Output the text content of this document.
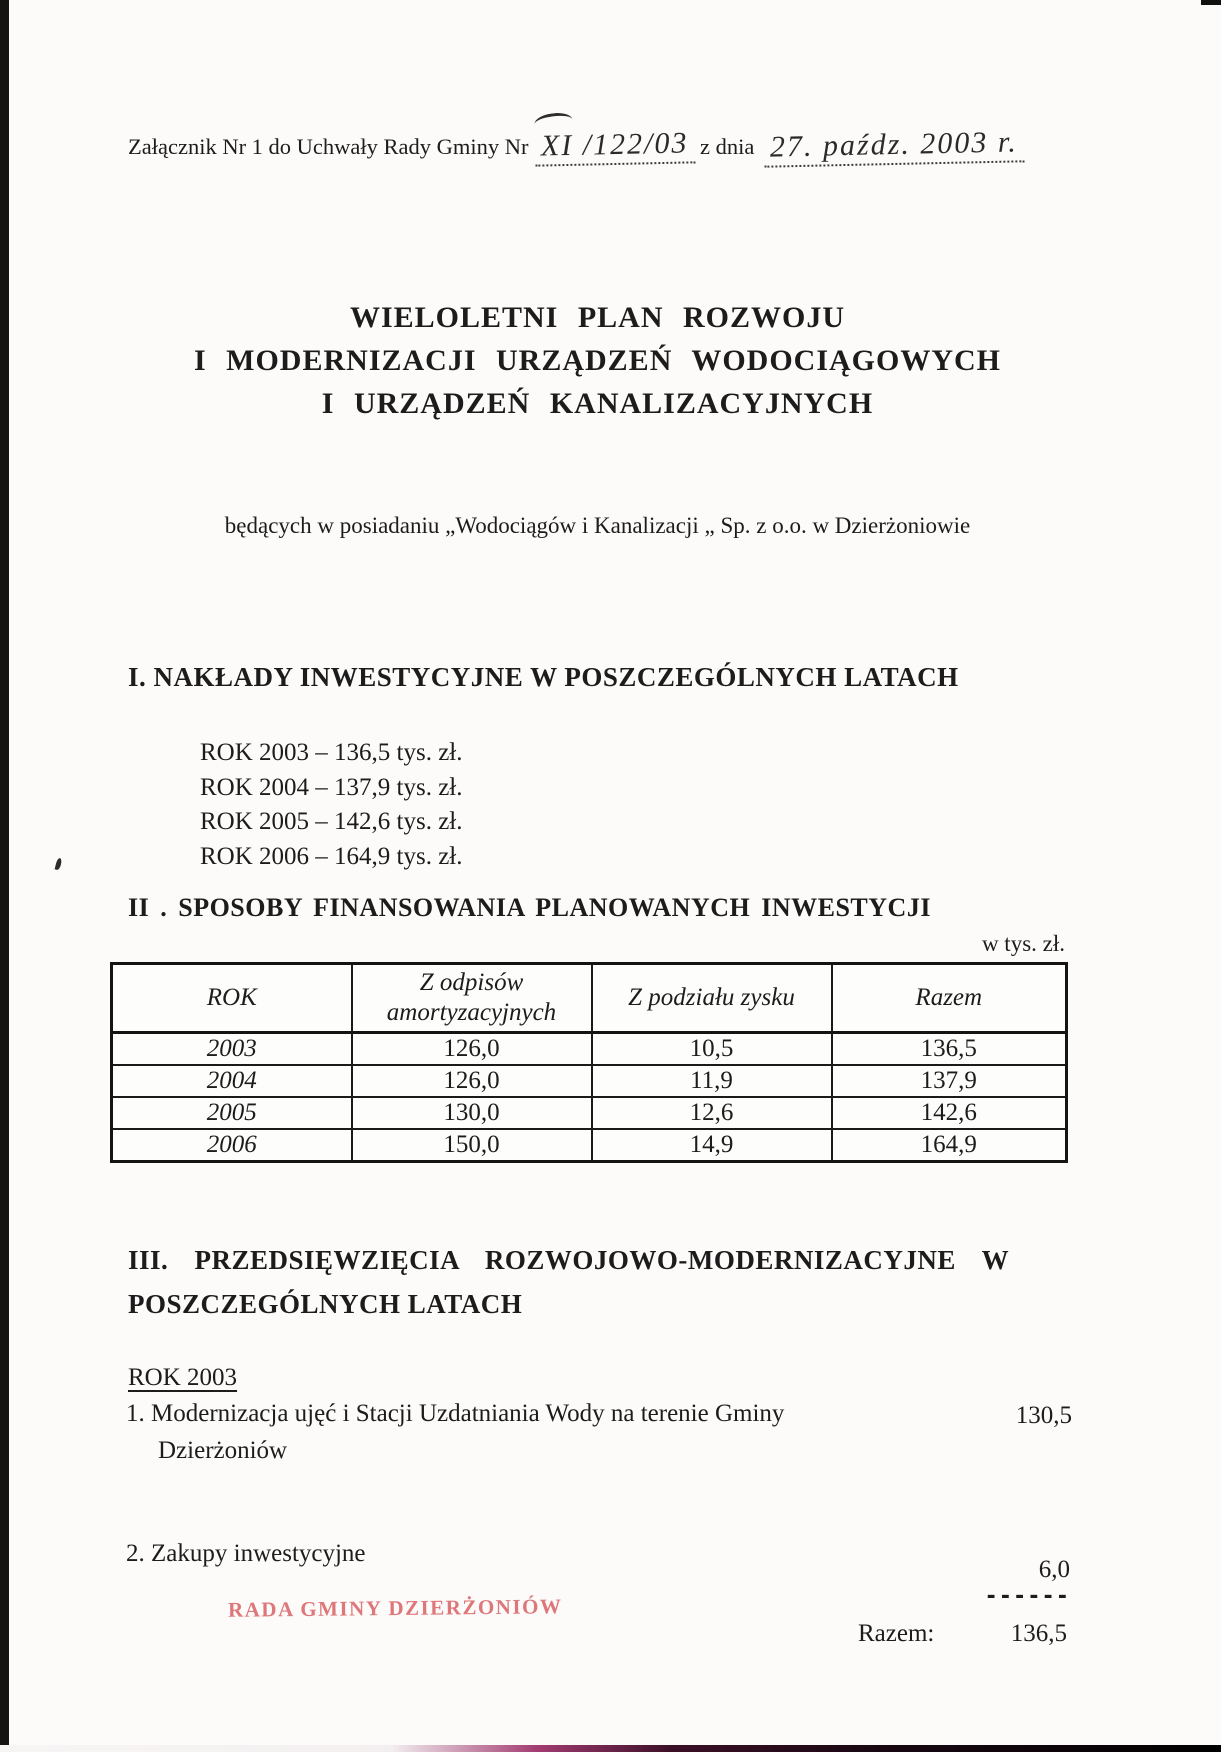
Załącznik Nr 1 do Uchwały Rady Gminy Nr XI /122/03 z dnia 27. paźdz. 2003 r.
WIELOLETNI PLAN ROZWOJU
I MODERNIZACJI URZĄDZEŃ WODOCIĄGOWYCH
I URZĄDZEŃ KANALIZACYJNYCH
będących w posiadaniu „Wodociągów i Kanalizacji „ Sp. z o.o. w Dzierżoniowie
I. NAKŁADY INWESTYCYJNE W POSZCZEGÓLNYCH LATACH
ROK 2003 – 136,5 tys. zł.
ROK 2004 – 137,9 tys. zł.
ROK 2005 – 142,6 tys. zł.
ROK 2006 – 164,9 tys. zł.
II . SPOSOBY FINANSOWANIA PLANOWANYCH INWESTYCJI
w tys. zł.
ROK	Z odpisów amortyzacyjnych	Z podziału zysku	Razem
2003	126,0	10,5	136,5
2004	126,0	11,9	137,9
2005	130,0	12,6	142,6
2006	150,0	14,9	164,9
III. PRZEDSIĘWZIĘCIA ROZWOJOWO-MODERNIZACYJNE W
POSZCZEGÓLNYCH LATACH
ROK 2003
1. Modernizacja ujęć i Stacji Uzdatniania Wody na terenie Gminy
Dzierżoniów
130,5
2. Zakupy inwestycyjne
6,0
------
Razem:	136,5
RADA GMINY DZIERŻONIÓW
